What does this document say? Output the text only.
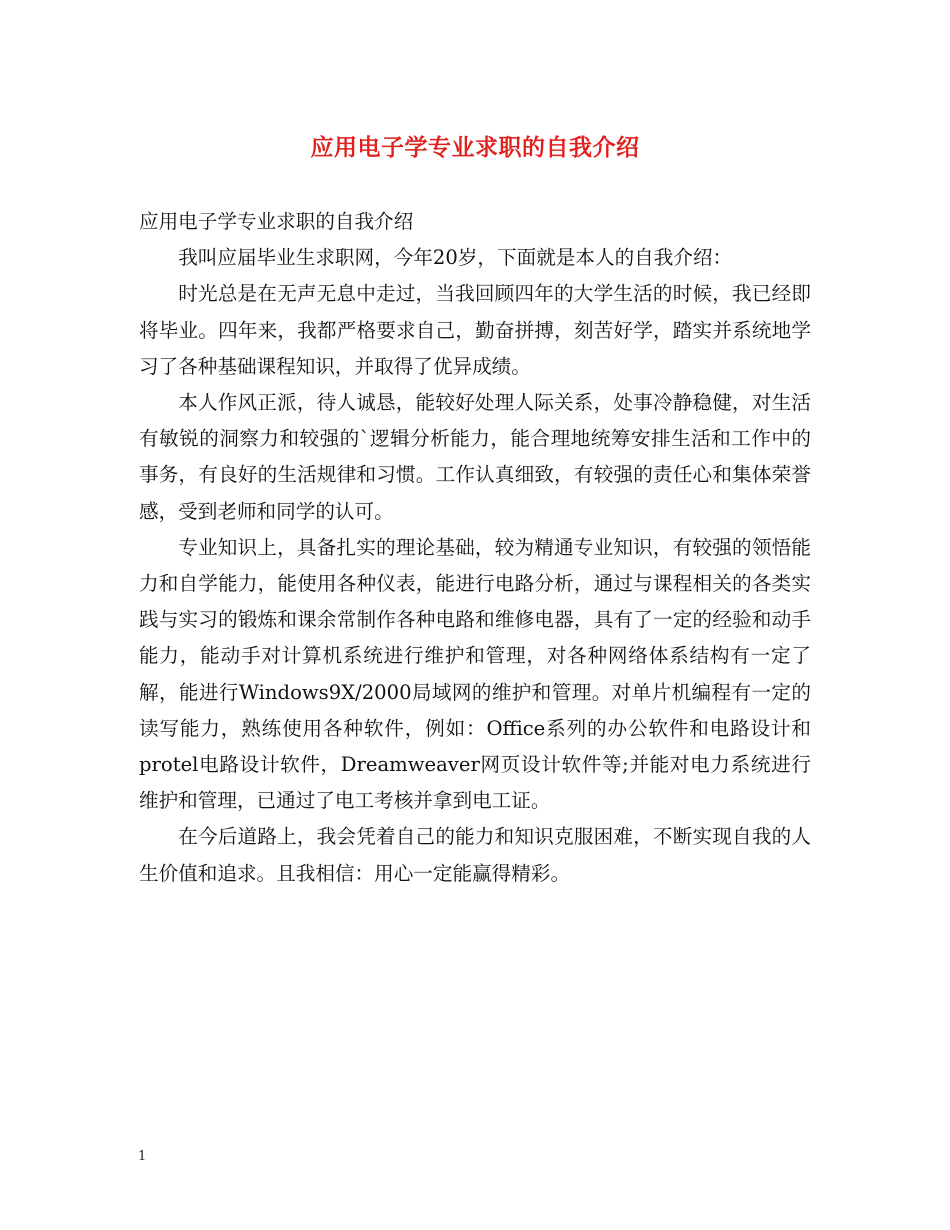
应用电子学专业求职的自我介绍

应用电子学专业求职的自我介绍

我叫应届毕业生求职网，今年20岁，下面就是本人的自我介绍：

时光总是在无声无息中走过，当我回顾四年的大学生活的时候，我已经即将毕业。四年来，我都严格要求自己，勤奋拼搏，刻苦好学，踏实并系统地学习了各种基础课程知识，并取得了优异成绩。

本人作风正派，待人诚恳，能较好处理人际关系，处事冷静稳健，对生活有敏锐的洞察力和较强的`逻辑分析能力，能合理地统筹安排生活和工作中的事务，有良好的生活规律和习惯。工作认真细致，有较强的责任心和集体荣誉感，受到老师和同学的认可。

专业知识上，具备扎实的理论基础，较为精通专业知识，有较强的领悟能力和自学能力，能使用各种仪表，能进行电路分析，通过与课程相关的各类实践与实习的锻炼和课余常制作各种电路和维修电器，具有了一定的经验和动手能力，能动手对计算机系统进行维护和管理，对各种网络体系结构有一定了解，能进行Windows9X/2000局域网的维护和管理。对单片机编程有一定的读写能力，熟练使用各种软件，例如：Office系列的办公软件和电路设计和protel电路设计软件，Dreamweaver网页设计软件等;并能对电力系统进行维护和管理，已通过了电工考核并拿到电工证。

在今后道路上，我会凭着自己的能力和知识克服困难，不断实现自我的人生价值和追求。且我相信：用心一定能赢得精彩。

1
